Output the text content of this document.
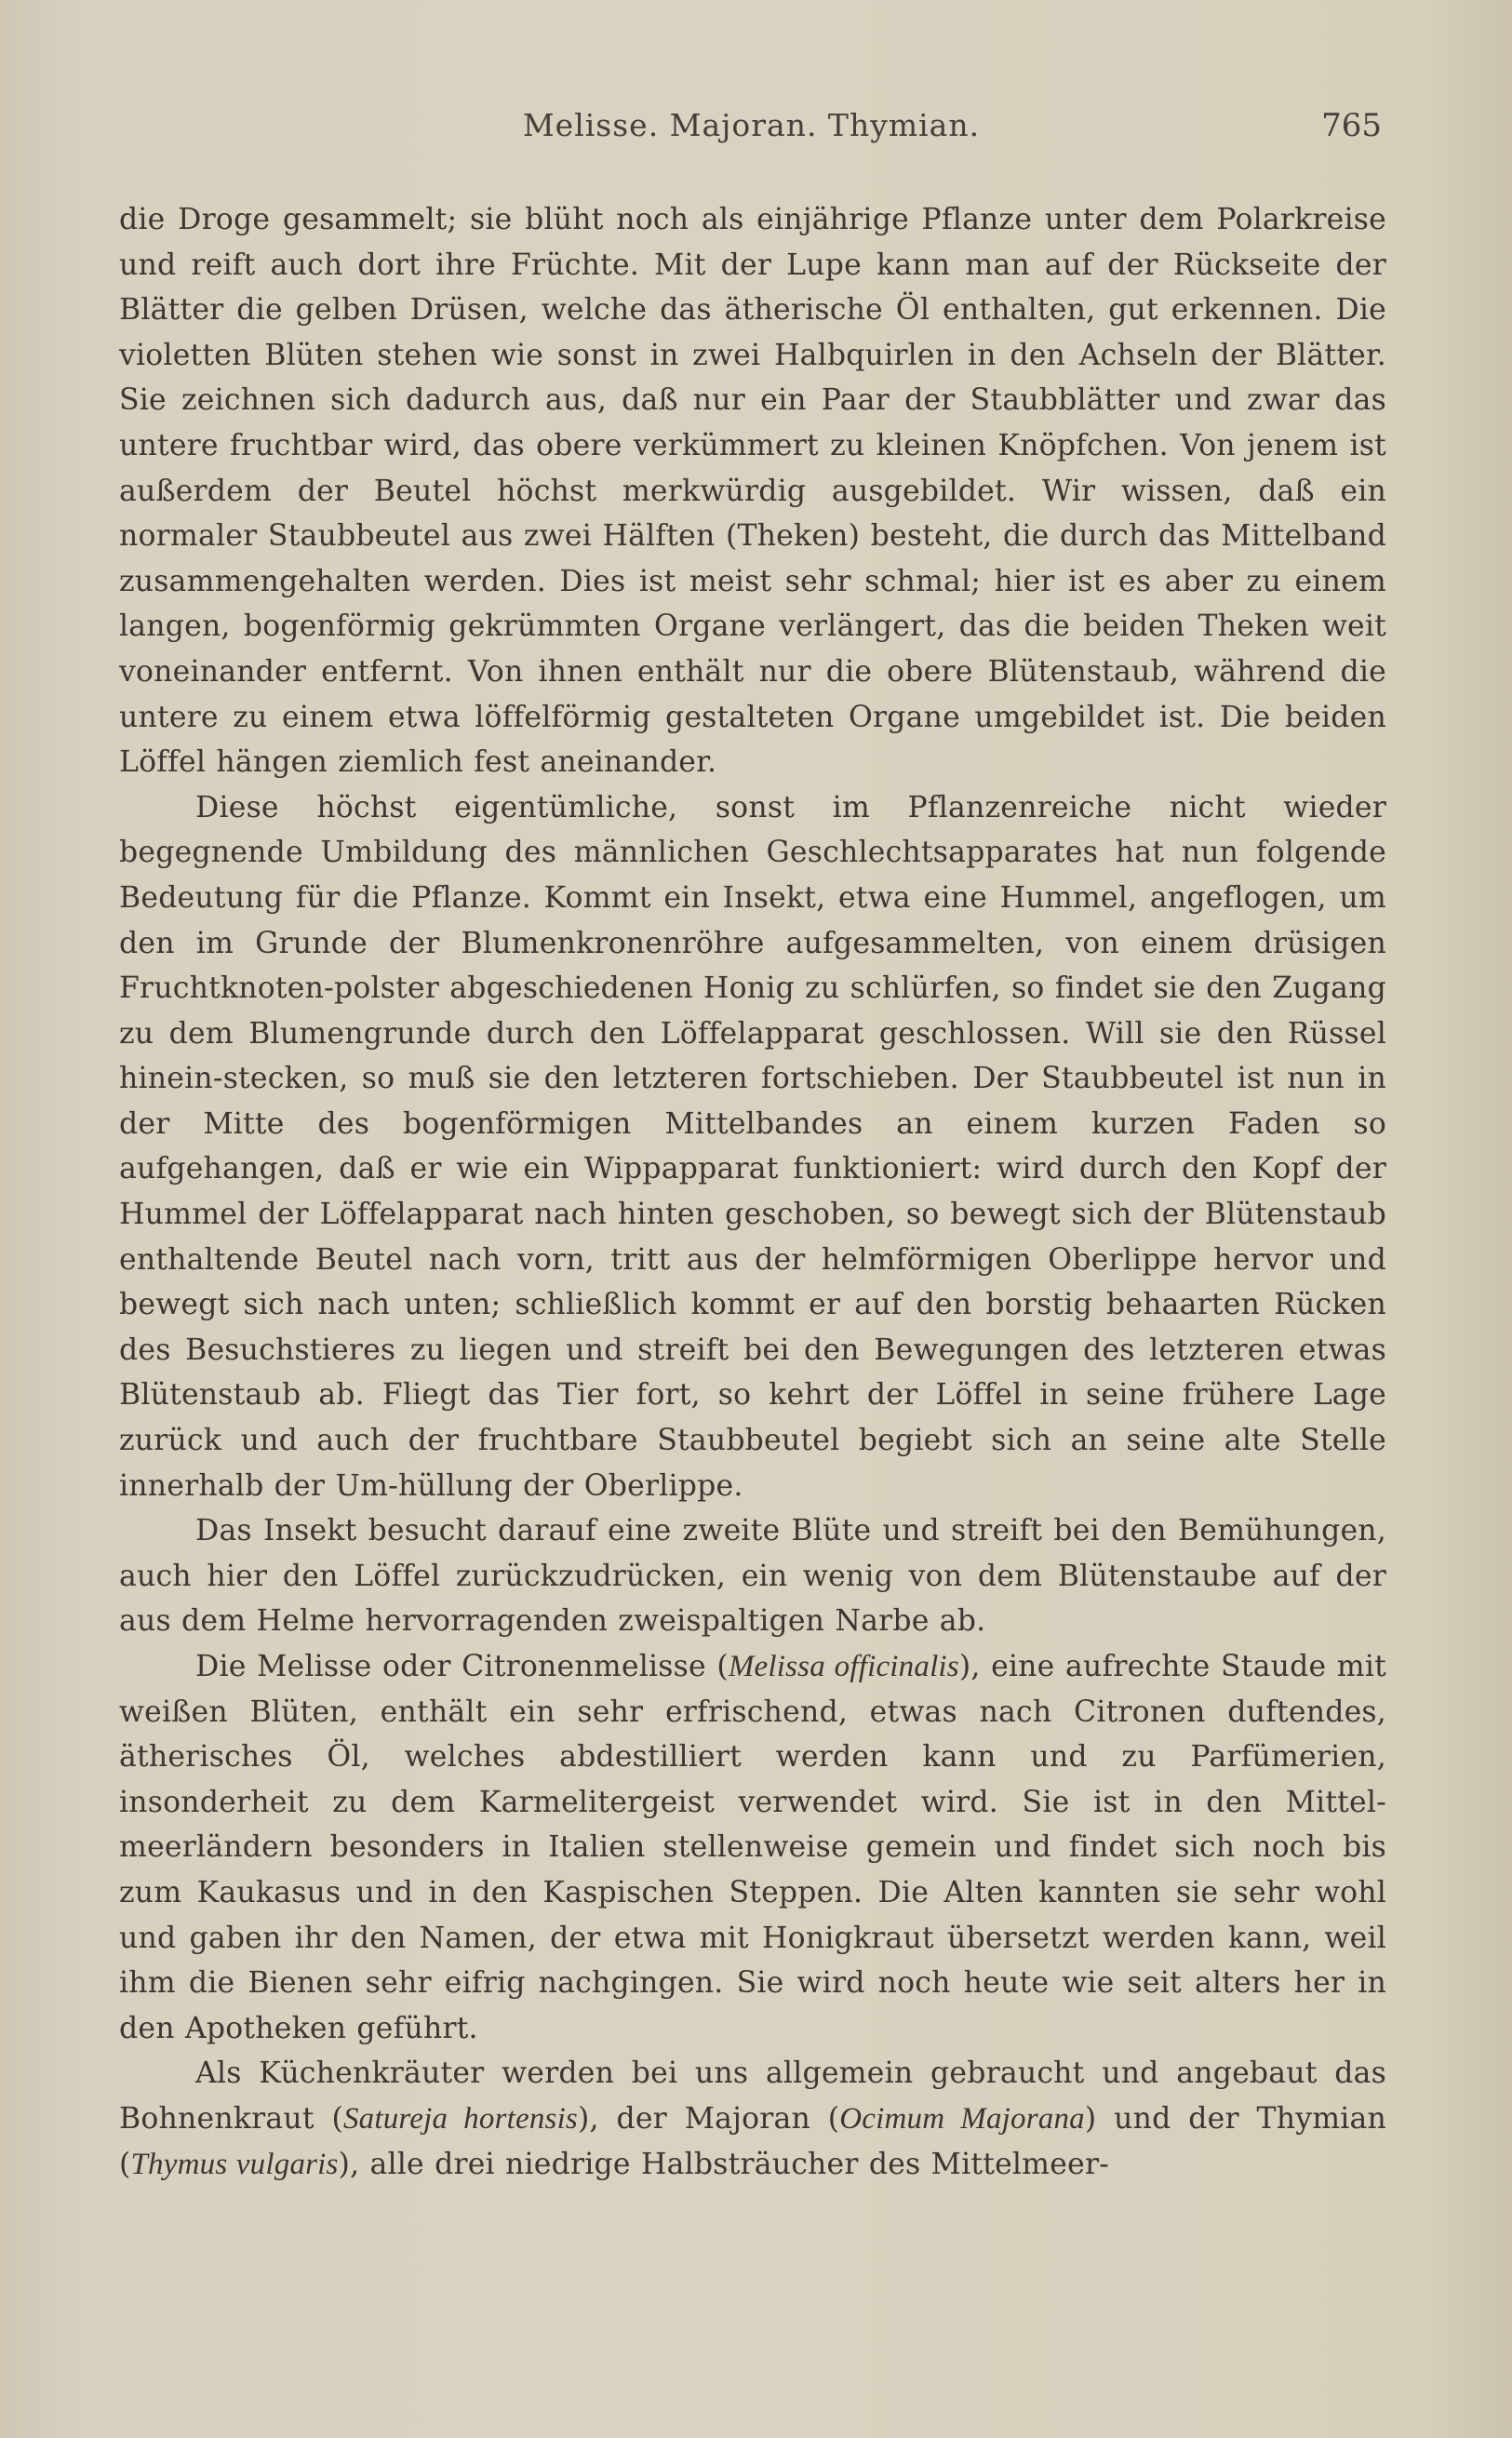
Melisse. Majoran. Thymian.	765

die Droge gesammelt; sie blüht noch als einjährige Pflanze unter dem Polarkreise und reift auch dort ihre Früchte. Mit der Lupe kann man auf der Rückseite der Blätter die gelben Drüsen, welche das ätherische Öl enthalten, gut erkennen. Die violetten Blüten stehen wie sonst in zwei Halbquirlen in den Achseln der Blätter. Sie zeichnen sich dadurch aus, daß nur ein Paar der Staubblätter und zwar das untere fruchtbar wird, das obere verkümmert zu kleinen Knöpfchen. Von jenem ist außerdem der Beutel höchst merkwürdig ausgebildet. Wir wissen, daß ein normaler Staubbeutel aus zwei Hälften (Theken) besteht, die durch das Mittelband zusammengehalten werden. Dies ist meist sehr schmal; hier ist es aber zu einem langen, bogenförmig gekrümmten Organe verlängert, das die beiden Theken weit voneinander entfernt. Von ihnen enthält nur die obere Blütenstaub, während die untere zu einem etwa löffelförmig gestalteten Organe umgebildet ist. Die beiden Löffel hängen ziemlich fest aneinander.

Diese höchst eigentümliche, sonst im Pflanzenreiche nicht wieder begegnende Umbildung des männlichen Geschlechtsapparates hat nun folgende Bedeutung für die Pflanze. Kommt ein Insekt, etwa eine Hummel, angeflogen, um den im Grunde der Blumenkronenröhre aufgesammelten, von einem drüsigen Fruchtknoten-polster abgeschiedenen Honig zu schlürfen, so findet sie den Zugang zu dem Blumengrunde durch den Löffelapparat geschlossen. Will sie den Rüssel hinein-stecken, so muß sie den letzteren fortschieben. Der Staubbeutel ist nun in der Mitte des bogenförmigen Mittelbandes an einem kurzen Faden so aufgehangen, daß er wie ein Wippapparat funktioniert: wird durch den Kopf der Hummel der Löffelapparat nach hinten geschoben, so bewegt sich der Blütenstaub enthaltende Beutel nach vorn, tritt aus der helmförmigen Oberlippe hervor und bewegt sich nach unten; schließlich kommt er auf den borstig behaarten Rücken des Besuchstieres zu liegen und streift bei den Bewegungen des letzteren etwas Blütenstaub ab. Fliegt das Tier fort, so kehrt der Löffel in seine frühere Lage zurück und auch der fruchtbare Staubbeutel begiebt sich an seine alte Stelle innerhalb der Um-hüllung der Oberlippe.

Das Insekt besucht darauf eine zweite Blüte und streift bei den Bemühungen, auch hier den Löffel zurückzudrücken, ein wenig von dem Blütenstaube auf der aus dem Helme hervorragenden zweispaltigen Narbe ab.

Die Melisse oder Citronenmelisse (Melissa officinalis), eine aufrechte Staude mit weißen Blüten, enthält ein sehr erfrischend, etwas nach Citronen duftendes, ätherisches Öl, welches abdestilliert werden kann und zu Parfümerien, insonderheit zu dem Karmelitergeist verwendet wird. Sie ist in den Mittel-meerländern besonders in Italien stellenweise gemein und findet sich noch bis zum Kaukasus und in den Kaspischen Steppen. Die Alten kannten sie sehr wohl und gaben ihr den Namen, der etwa mit Honigkraut übersetzt werden kann, weil ihm die Bienen sehr eifrig nachgingen. Sie wird noch heute wie seit alters her in den Apotheken geführt.

Als Küchenkräuter werden bei uns allgemein gebraucht und angebaut das Bohnenkraut (Satureja hortensis), der Majoran (Ocimum Majorana) und der Thymian (Thymus vulgaris), alle drei niedrige Halbsträucher des Mittelmeer-
